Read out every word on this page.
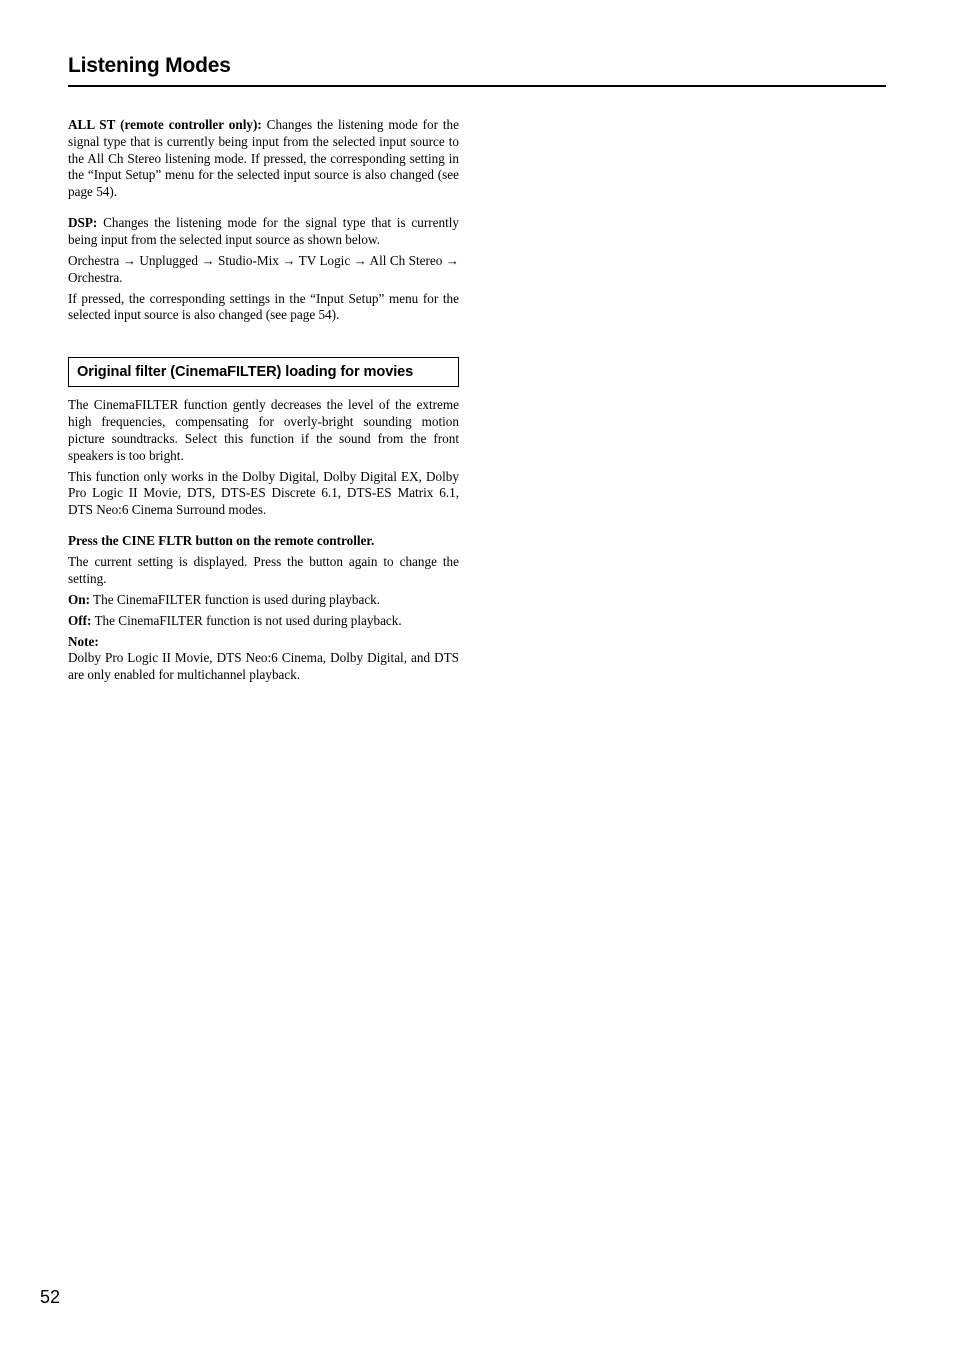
Listening Modes

ALL ST (remote controller only): Changes the listening mode for the signal type that is currently being input from the selected input source to the All Ch Stereo listening mode. If pressed, the corresponding setting in the “Input Setup” menu for the selected input source is also changed (see page 54).

DSP: Changes the listening mode for the signal type that is currently being input from the selected input source as shown below.

Orchestra → Unplugged → Studio-Mix → TV Logic → All Ch Stereo → Orchestra.

If pressed, the corresponding settings in the “Input Setup” menu for the selected input source is also changed (see page 54).

Original filter (CinemaFILTER) loading for movies

The CinemaFILTER function gently decreases the level of the extreme high frequencies, compensating for overly-bright sounding motion picture soundtracks. Select this function if the sound from the front speakers is too bright.

This function only works in the Dolby Digital, Dolby Digital EX, Dolby Pro Logic II Movie, DTS, DTS-ES Discrete 6.1, DTS-ES Matrix 6.1, DTS Neo:6 Cinema Surround modes.

Press the CINE FLTR button on the remote controller.

The current setting is displayed. Press the button again to change the setting.

On: The CinemaFILTER function is used during playback.

Off: The CinemaFILTER function is not used during playback.

Note:

Dolby Pro Logic II Movie, DTS Neo:6 Cinema, Dolby Digital, and DTS are only enabled for multichannel playback.

52
